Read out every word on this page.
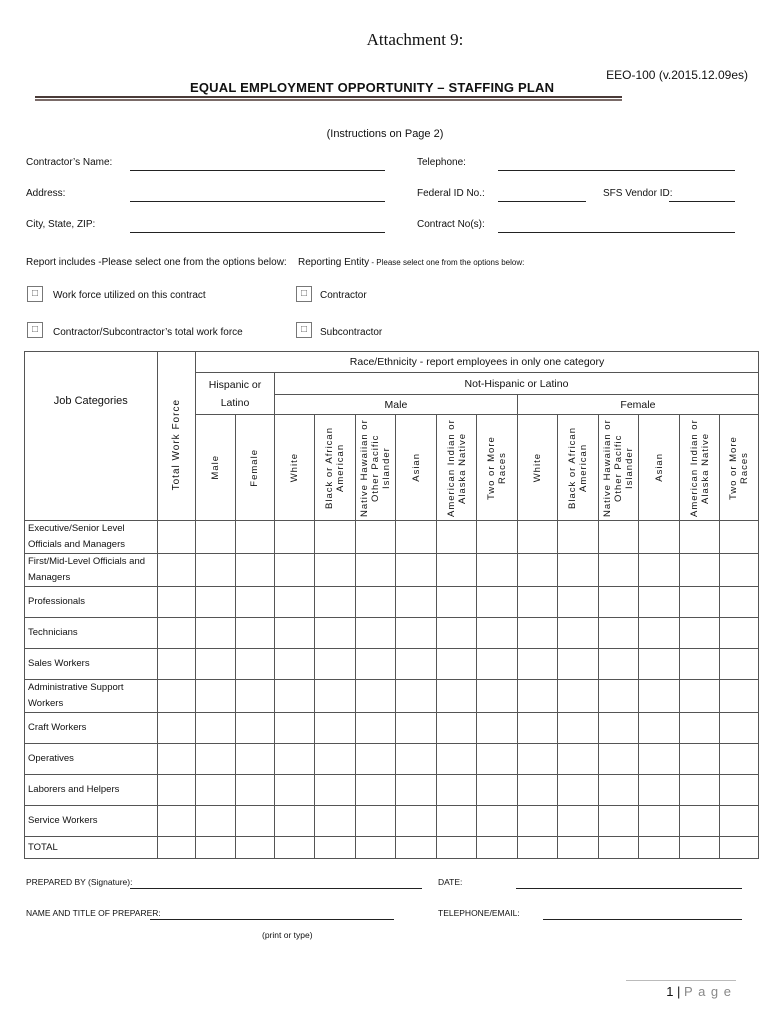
Attachment 9:
EEO-100 (v.2015.12.09es)
EQUAL EMPLOYMENT OPPORTUNITY – STAFFING PLAN
(Instructions on Page 2)
Contractor’s Name:	Telephone:
Address:	Federal ID No.:	SFS Vendor ID:
City, State, ZIP:	Contract No(s):
Report includes -Please select one from the options below: Reporting Entity - Please select one from the options below:
□	Work force utilized on this contract
□	Contractor/Subcontractor’s total work force
□	Contractor
□	Subcontractor
Job Categories	Total Work Force	Race/Ethnicity - report employees in only one category													
		Hispanic or Latino		Not-Hispanic or Latino											
				Male						Female					

		Male	Female	White	Black or African American	Native Hawaiian or Other Pacific Islander	Asian	American Indian or Alaska Native	Two or More Races	White	Black or African American	Native Hawaiian or Other Pacific Islander	Asian	American Indian or Alaska Native	Two or More Races

Executive/Senior Level Officials and Managers															
First/Mid-Level Officials and Managers															
Professionals															
Technicians															
Sales Workers															
Administrative Support Workers															
Craft Workers															
Operatives															
Laborers and Helpers															
Service Workers															
TOTAL															
PREPARED BY (Signature):	DATE:
NAME AND TITLE OF PREPARER:	TELEPHONE/EMAIL:
(print or type)
1 | P a g e
